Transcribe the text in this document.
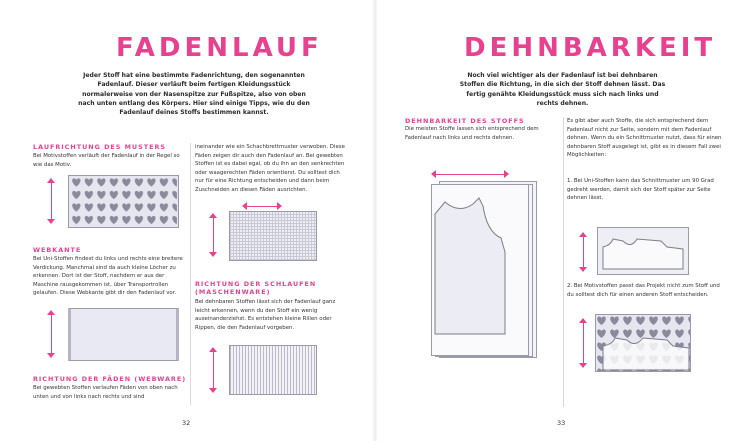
FADENLAUF

Jeder Stoff hat eine bestimmte Fadenrichtung, den sogenannten Fadenlauf. Dieser verläuft beim fertigen Kleidungsstück normalerweise von der Nasenspitze zur Fußspitze, also von oben nach unten entlang des Körpers. Hier sind einige Tipps, wie du den Fadenlauf deines Stoffs bestimmen kannst.

LAUFRICHTUNG DES MUSTERS

Bei Motivstoffen verläuft der Fadenlauf in der Regel so wie das Motiv.

WEBKANTE

Bei Uni-Stoffen findest du links und rechts eine breitere Verdickung. Manchmal sind da auch kleine Löcher zu erkennen. Dort ist der Stoff, nachdem er aus der Maschine rausgekommen ist, über Transportrollen gelaufen. Diese Webkante gibt dir den Fadenlauf vor.

RICHTUNG DER FÄDEN (WEBWARE)

Bei gewebten Stoffen verlaufen Fäden von oben nach unten und von links nach rechts und sind

ineinander wie ein Schachbrettmuster verwoben. Diese Fäden zeigen dir auch den Fadenlauf an. Bei gewebten Stoffen ist es dabei egal, ob du ihn an den senkrechten oder waagerechten Fäden orientierst. Du solltest dich nur für eine Richtung entscheiden und dann beim Zuschneiden an diesen Fäden ausrichten.

RICHTUNG DER SCHLAUFEN (MASCHENWARE)

Bei dehnbaren Stoffen lässt sich der Fadenlauf ganz leicht erkennen, wenn du den Stoff ein wenig auseinanderziehst. Es entstehen kleine Rillen oder Rippen, die den Fadenlauf vorgeben.

32
DEHNBARKEIT

Noch viel wichtiger als der Fadenlauf ist bei dehnbaren Stoffen die Richtung, in die sich der Stoff dehnen lässt. Das fertig genähte Kleidungsstück muss sich nach links und rechts dehnen.

DEHNBARKEIT DES STOFFS

Die meisten Stoffe lassen sich entsprechend dem Fadenlauf nach links und rechts dehnen.

Es gibt aber auch Stoffe, die sich entsprechend dem Fadenlauf nicht zur Seite, sondern mit dem Fadenlauf dehnen. Wenn du ein Schnittmuster nutzt, dass für einen dehnbaren Stoff ausgelegt ist, gibt es in diesem Fall zwei Möglichkeiten:

1. Bei Uni-Stoffen kann das Schnittmuster um 90 Grad gedreht werden, damit sich der Stoff später zur Seite dehnen lässt.

2. Bei Motivstoffen passt das Projekt nicht zum Stoff und du solltest dich für einen anderen Stoff entscheiden.

33
